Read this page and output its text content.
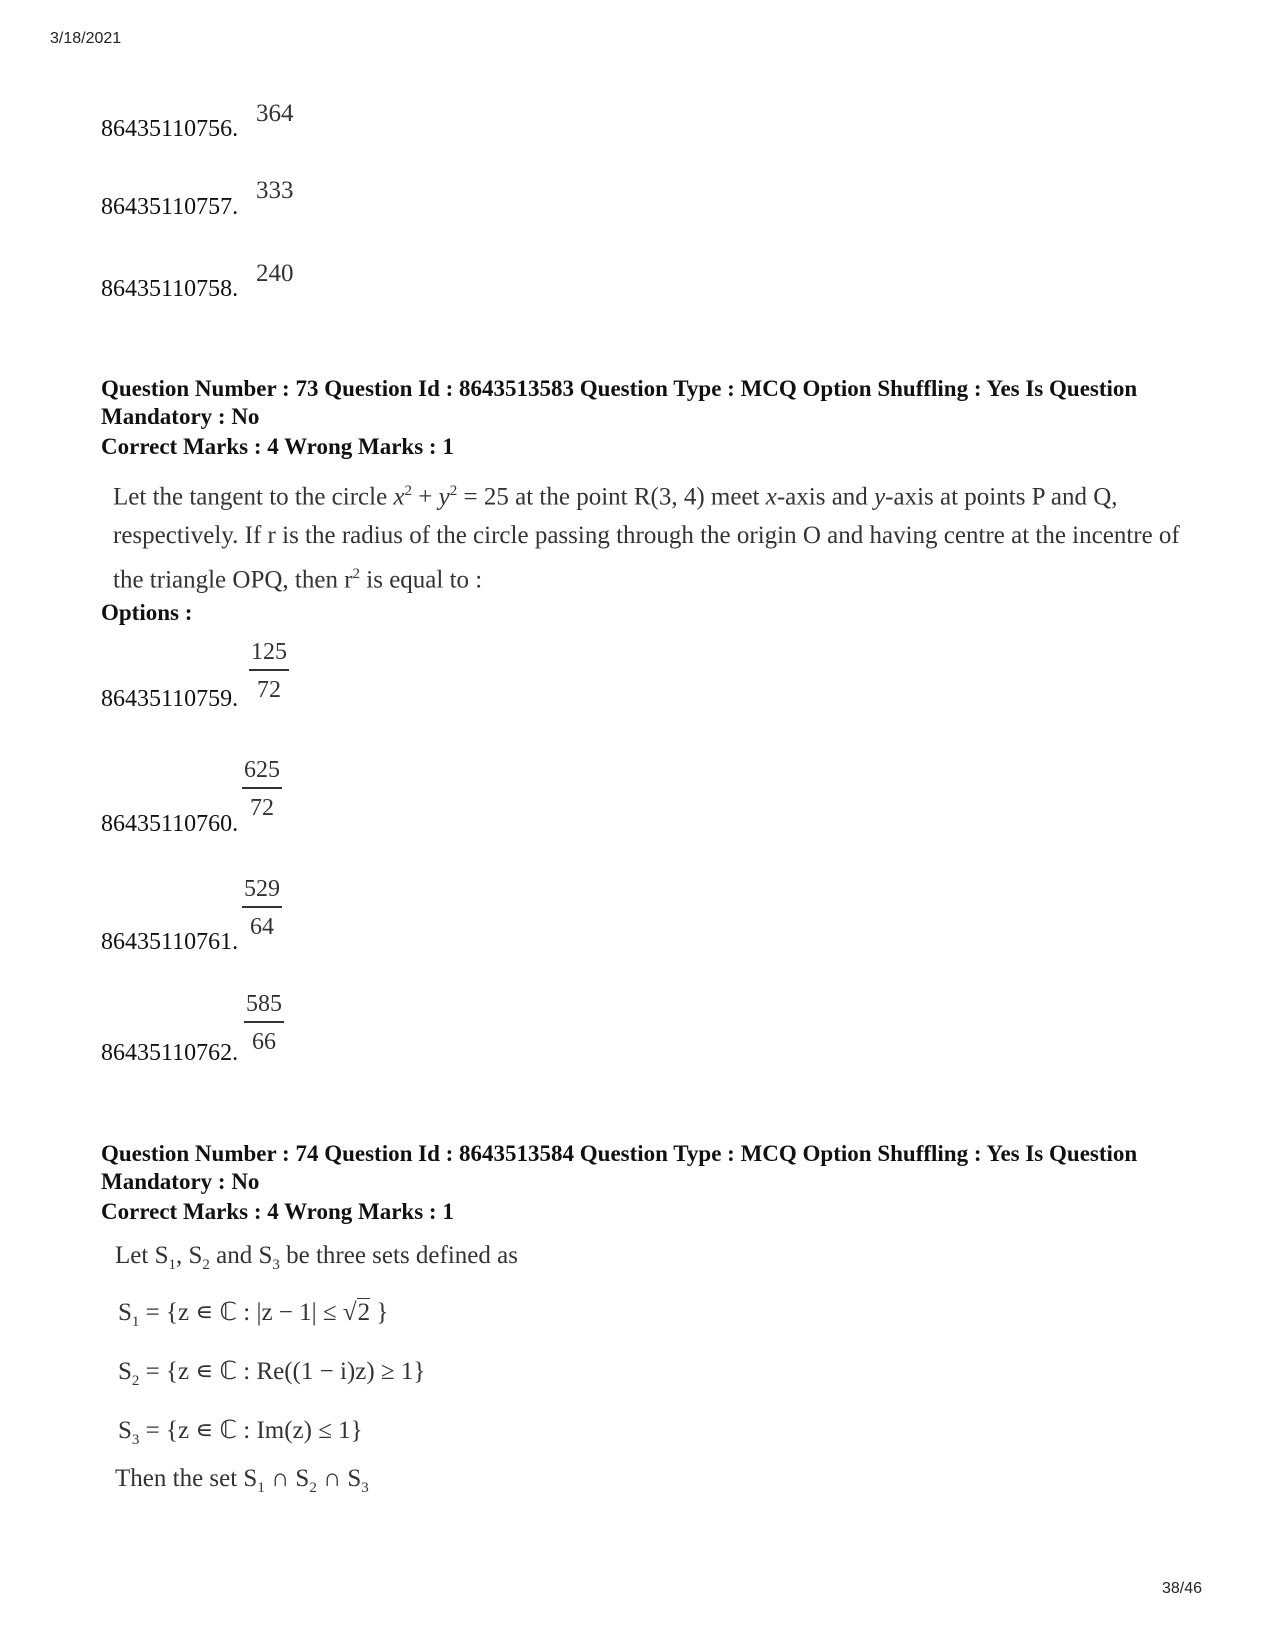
3/18/2021
86435110756.
364
86435110757.
333
86435110758.
240
Question Number : 73 Question Id : 8643513583 Question Type : MCQ Option Shuffling : Yes Is Question Mandatory : No
Correct Marks : 4 Wrong Marks : 1
Let the tangent to the circle $x^2 + y^2 = 25$ at the point R(3, 4) meet x-axis and y-axis at points P and Q, respectively. If r is the radius of the circle passing through the origin O and having centre at the incentre of the triangle OPQ, then $r^2$ is equal to :
Options :
86435110759. $\frac{125}{72}$
86435110760.
$\frac{625}{72}$
86435110761.
$\frac{529}{64}$
86435110762. $\frac{585}{66}$
Question Number : 74 Question Id : 8643513584 Question Type : MCQ Option Shuffling : Yes Is Question Mandatory : No
Correct Marks : 4 Wrong Marks : 1
Let $S_1$, $S_2$ and $S_3$ be three sets defined as
$S_1 = \{z$ ∊ ℂ : |z − 1| ≤ √2 }
$S_2 = \{z$ ∊ ℂ : Re((1 − i)z) ≥ 1}
$S_3 = \{z$ ∊ ℂ : Im(z) ≤ 1}
Then the set $S_1$ ∩ $S_2$ ∩ $S_3$
38/46
